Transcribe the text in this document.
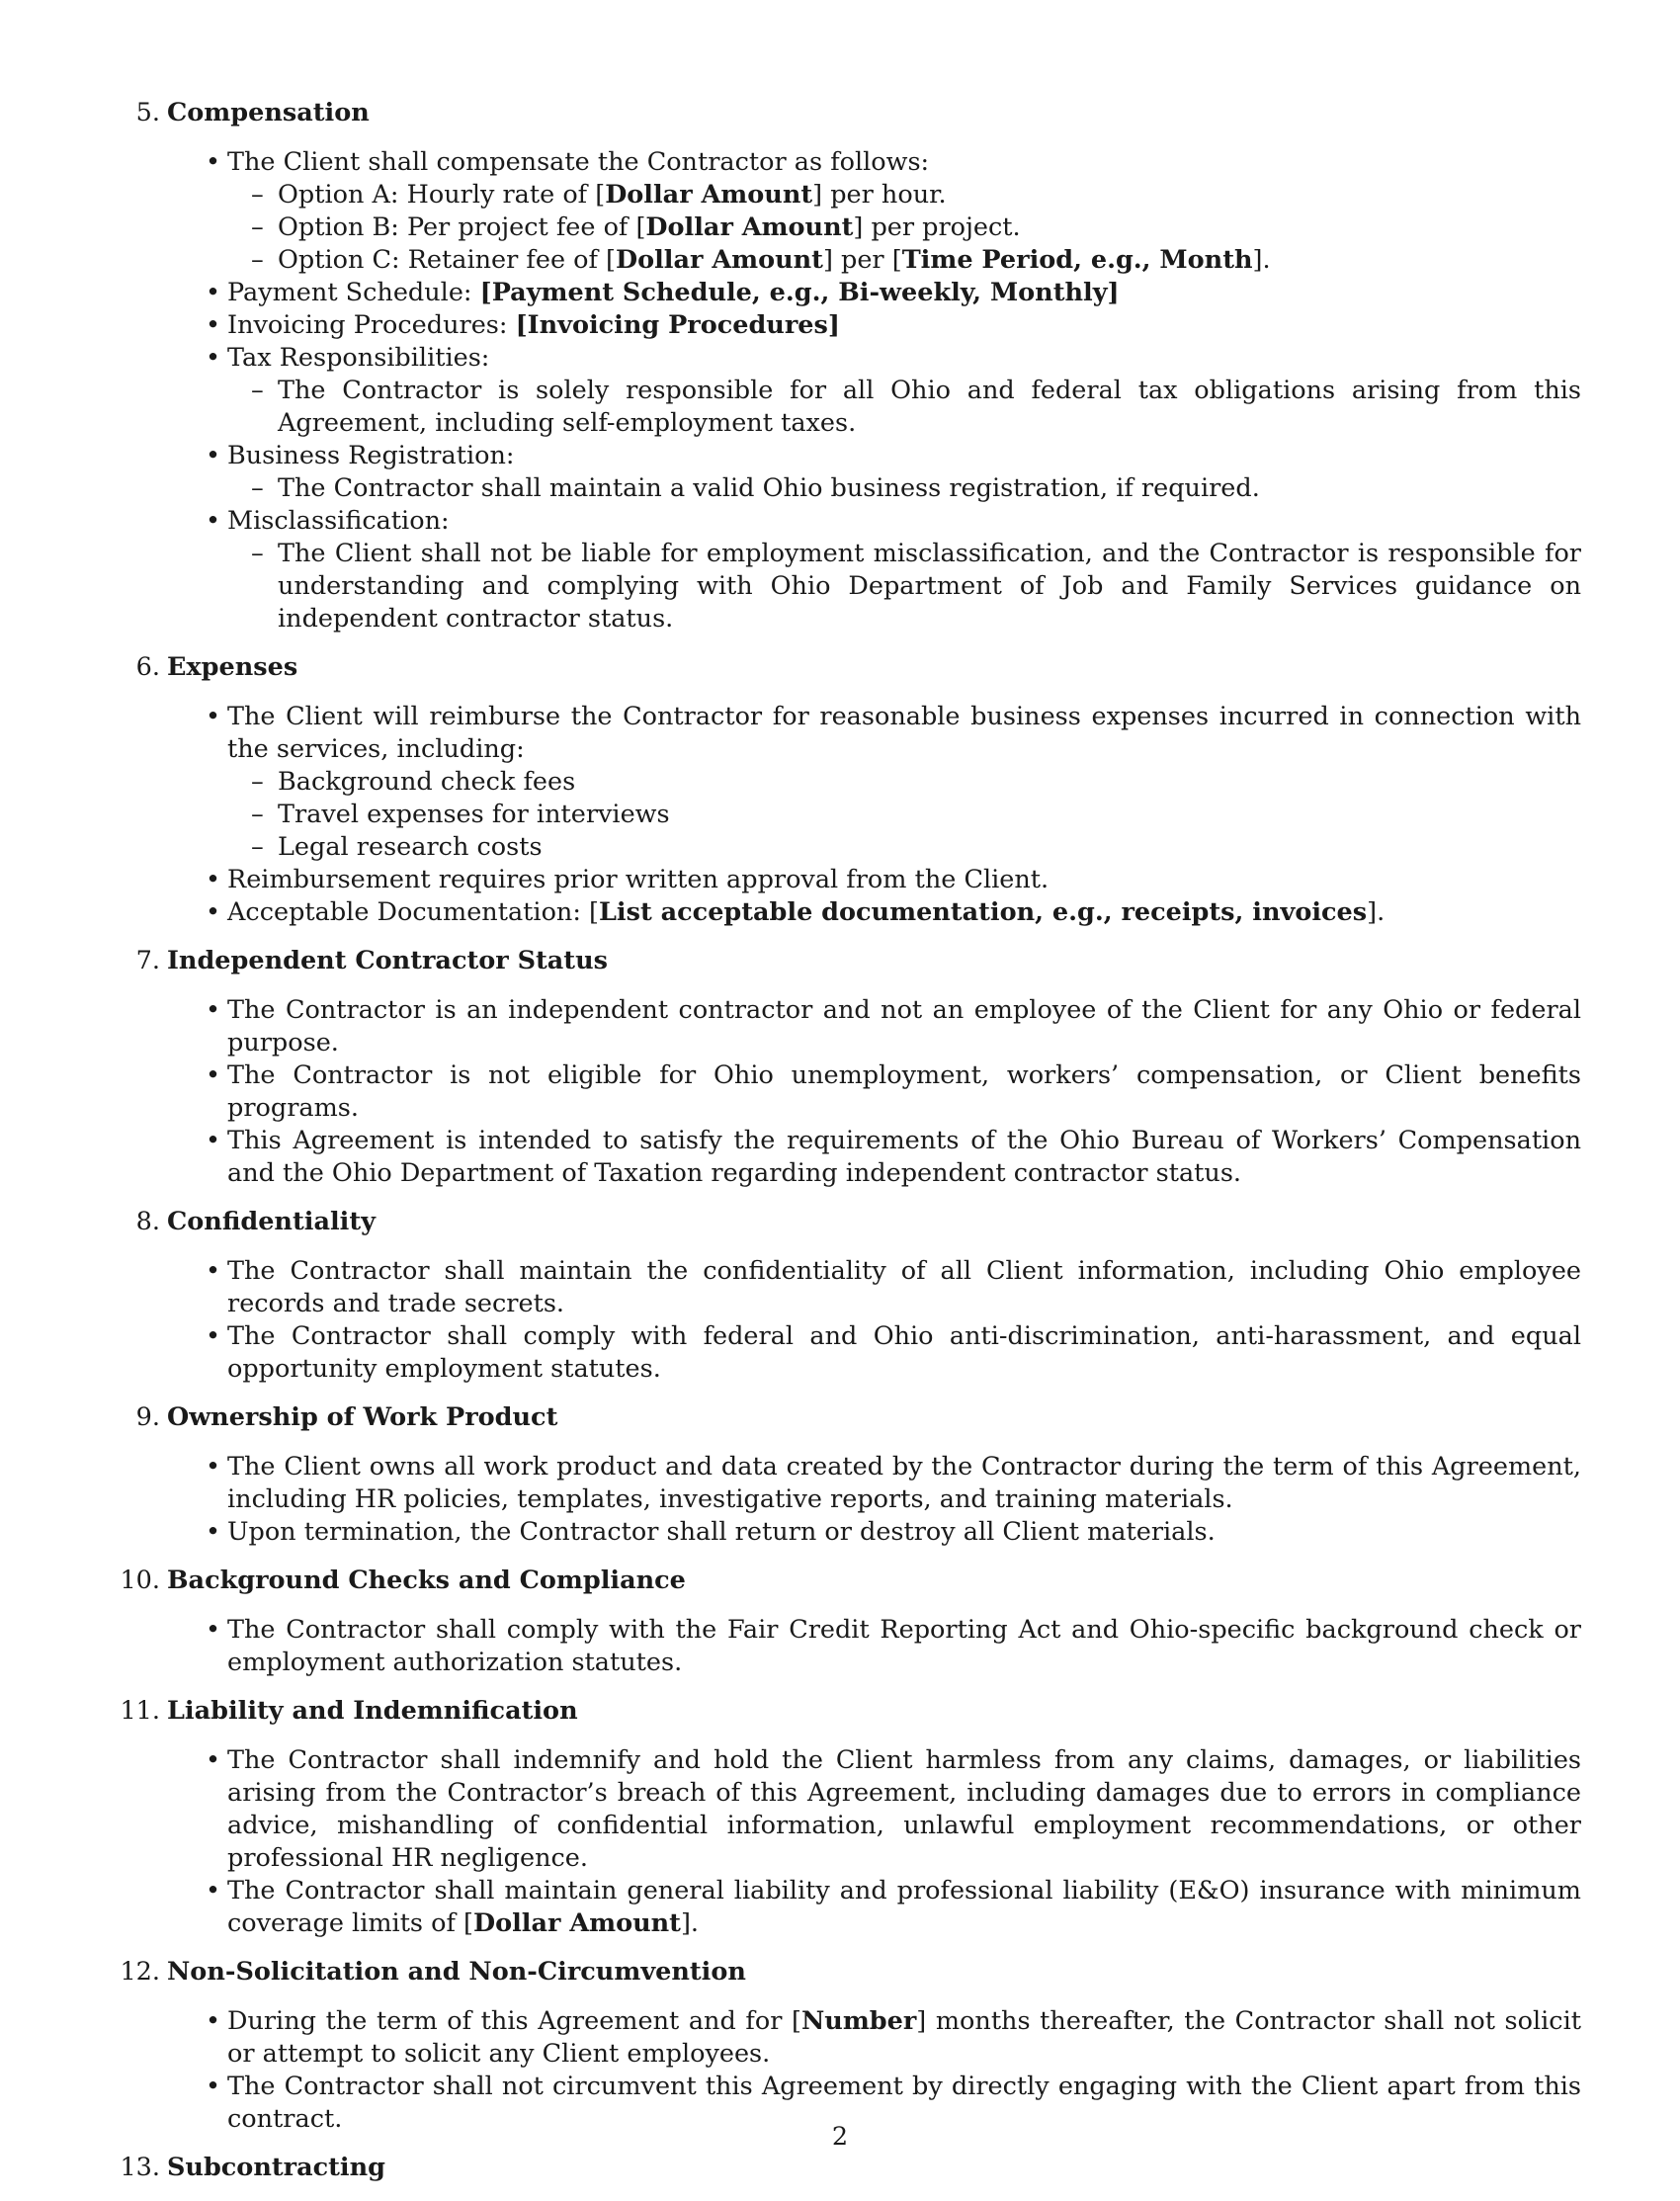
5. Compensation
• The Client shall compensate the Contractor as follows:
– Option A: Hourly rate of [Dollar Amount] per hour.
– Option B: Per project fee of [Dollar Amount] per project.
– Option C: Retainer fee of [Dollar Amount] per [Time Period, e.g., Month].
• Payment Schedule: [Payment Schedule, e.g., Bi-weekly, Monthly]
• Invoicing Procedures: [Invoicing Procedures]
• Tax Responsibilities:
– The Contractor is solely responsible for all Ohio and federal tax obligations arising from this Agreement, including self-employment taxes.
• Business Registration:
– The Contractor shall maintain a valid Ohio business registration, if required.
• Misclassification:
– The Client shall not be liable for employment misclassification, and the Contractor is responsible for understanding and complying with Ohio Department of Job and Family Services guidance on independent contractor status.
6. Expenses
• The Client will reimburse the Contractor for reasonable business expenses incurred in connection with the services, including:
– Background check fees
– Travel expenses for interviews
– Legal research costs
• Reimbursement requires prior written approval from the Client.
• Acceptable Documentation: [List acceptable documentation, e.g., receipts, invoices].
7. Independent Contractor Status
• The Contractor is an independent contractor and not an employee of the Client for any Ohio or federal purpose.
• The Contractor is not eligible for Ohio unemployment, workers’ compensation, or Client benefits programs.
• This Agreement is intended to satisfy the requirements of the Ohio Bureau of Workers’ Compensation and the Ohio Department of Taxation regarding independent contractor status.
8. Confidentiality
• The Contractor shall maintain the confidentiality of all Client information, including Ohio employee records and trade secrets.
• The Contractor shall comply with federal and Ohio anti-discrimination, anti-harassment, and equal opportunity employment statutes.
9. Ownership of Work Product
• The Client owns all work product and data created by the Contractor during the term of this Agreement, including HR policies, templates, investigative reports, and training materials.
• Upon termination, the Contractor shall return or destroy all Client materials.
10. Background Checks and Compliance
• The Contractor shall comply with the Fair Credit Reporting Act and Ohio-specific background check or employment authorization statutes.
11. Liability and Indemnification
• The Contractor shall indemnify and hold the Client harmless from any claims, damages, or liabilities arising from the Contractor’s breach of this Agreement, including damages due to errors in compliance advice, mishandling of confidential information, unlawful employment recommendations, or other professional HR negligence.
• The Contractor shall maintain general liability and professional liability (E&O) insurance with minimum coverage limits of [Dollar Amount].
12. Non-Solicitation and Non-Circumvention
• During the term of this Agreement and for [Number] months thereafter, the Contractor shall not solicit or attempt to solicit any Client employees.
• The Contractor shall not circumvent this Agreement by directly engaging with the Client apart from this contract.
13. Subcontracting
2
